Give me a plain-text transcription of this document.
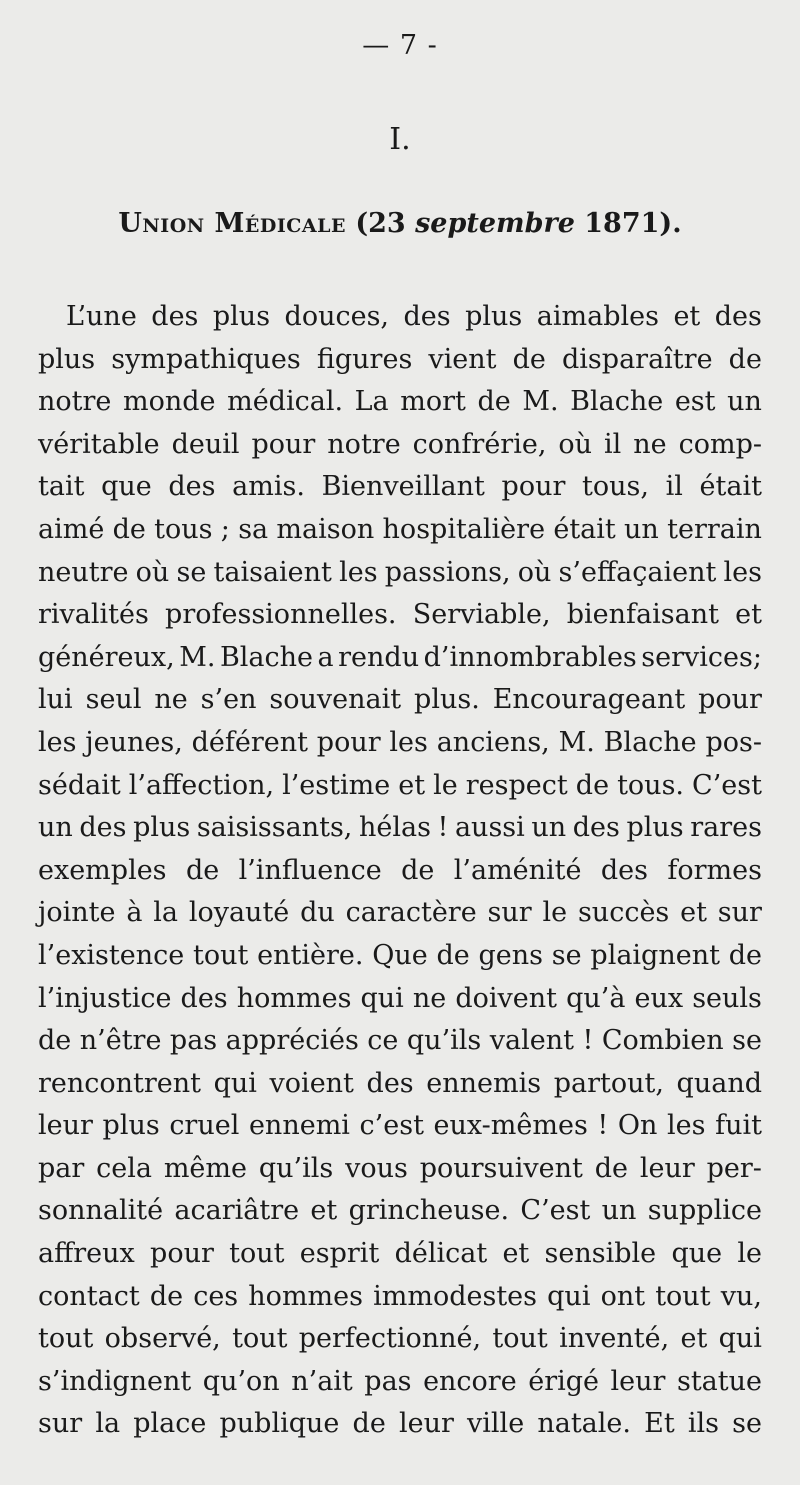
— 7 -
I.
Union Médicale (23 septembre 1871).
L’une des plus douces, des plus aimables et des
plus sympathiques figures vient de disparaître de
notre monde médical. La mort de M. Blache est un
véritable deuil pour notre confrérie, où il ne comp-
tait que des amis. Bienveillant pour tous, il était
aimé de tous ; sa maison hospitalière était un terrain
neutre où se taisaient les passions, où s’effaçaient les
rivalités professionnelles. Serviable, bienfaisant et
généreux, M. Blache a rendu d’innombrables services;
lui seul ne s’en souvenait plus. Encourageant pour
les jeunes, déférent pour les anciens, M. Blache pos-
sédait l’affection, l’estime et le respect de tous. C’est
un des plus saisissants, hélas ! aussi un des plus rares
exemples de l’influence de l’aménité des formes
jointe à la loyauté du caractère sur le succès et sur
l’existence tout entière. Que de gens se plaignent de
l’injustice des hommes qui ne doivent qu’à eux seuls
de n’être pas appréciés ce qu’ils valent ! Combien se
rencontrent qui voient des ennemis partout, quand
leur plus cruel ennemi c’est eux-mêmes ! On les fuit
par cela même qu’ils vous poursuivent de leur per-
sonnalité acariâtre et grincheuse. C’est un supplice
affreux pour tout esprit délicat et sensible que le
contact de ces hommes immodestes qui ont tout vu,
tout observé, tout perfectionné, tout inventé, et qui
s’indignent qu’on n’ait pas encore érigé leur statue
sur la place publique de leur ville natale. Et ils se
